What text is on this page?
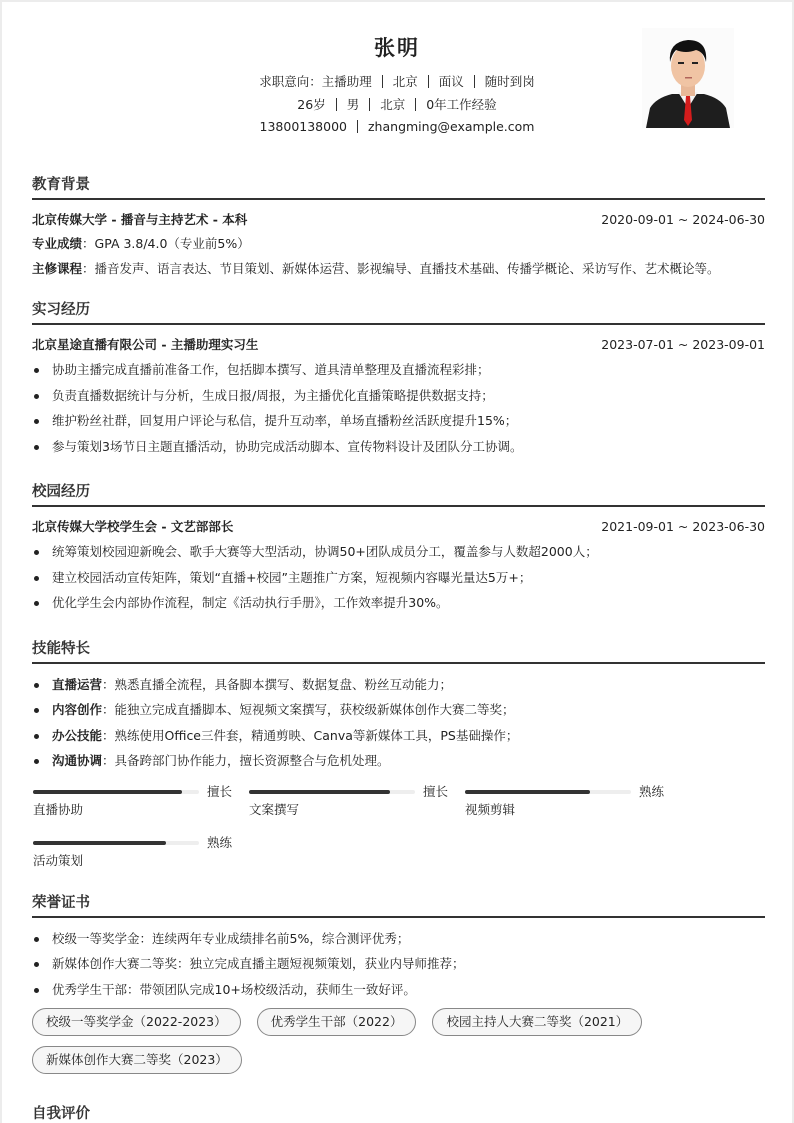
张明
求职意向：主播助理 北京 面议 随时到岗
26岁 男 北京 0年工作经验
13800138000 zhangming@example.com
教育背景
北京传媒大学 - 播音与主持艺术 - 本科	2020-09-01 ~ 2024-06-30
专业成绩：GPA 3.8/4.0（专业前5%）
主修课程：播音发声、语言表达、节目策划、新媒体运营、影视编导、直播技术基础、传播学概论、采访写作、艺术概论等。
实习经历
北京星途直播有限公司 - 主播助理实习生	2023-07-01 ~ 2023-09-01
协助主播完成直播前准备工作，包括脚本撰写、道具清单整理及直播流程彩排；
负责直播数据统计与分析，生成日报/周报，为主播优化直播策略提供数据支持；
维护粉丝社群，回复用户评论与私信，提升互动率，单场直播粉丝活跃度提升15%；
参与策划3场节日主题直播活动，协助完成活动脚本、宣传物料设计及团队分工协调。
校园经历
北京传媒大学校学生会 - 文艺部部长	2021-09-01 ~ 2023-06-30
统筹策划校园迎新晚会、歌手大赛等大型活动，协调50+团队成员分工，覆盖参与人数超2000人；
建立校园活动宣传矩阵，策划“直播+校园”主题推广方案，短视频内容曝光量达5万+；
优化学生会内部协作流程，制定《活动执行手册》，工作效率提升30%。
技能特长
直播运营：熟悉直播全流程，具备脚本撰写、数据复盘、粉丝互动能力；
内容创作：能独立完成直播脚本、短视频文案撰写，获校级新媒体创作大赛二等奖；
办公技能：熟练使用Office三件套，精通剪映、Canva等新媒体工具，PS基础操作；
沟通协调：具备跨部门协作能力，擅长资源整合与危机处理。
擅长
直播协助
擅长
文案撰写
熟练
视频剪辑
熟练
活动策划
荣誉证书
校级一等奖学金：连续两年专业成绩排名前5%，综合测评优秀；
新媒体创作大赛二等奖：独立完成直播主题短视频策划，获业内导师推荐；
优秀学生干部：带领团队完成10+场校级活动，获师生一致好评。
校级一等奖学金（2022-2023）	优秀学生干部（2022）	校园主持人大赛二等奖（2021）
新媒体创作大赛二等奖（2023）
自我评价
